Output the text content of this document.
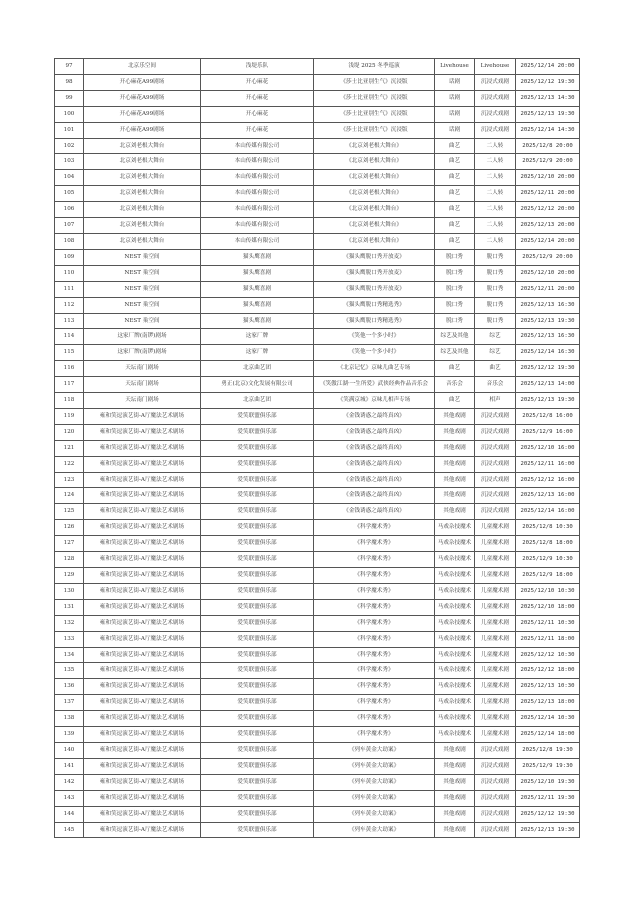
97	北京乐空间	浅堤乐队	浅堤 2025 冬季巡演	Livehouse	Livehouse	2025/12/14 20:00
98	开心麻花A99剧场	开心麻花	《莎士比亚别生气》沉浸版	话剧	沉浸式戏剧	2025/12/12 19:30
99	开心麻花A99剧场	开心麻花	《莎士比亚别生气》沉浸版	话剧	沉浸式戏剧	2025/12/13 14:30
100	开心麻花A99剧场	开心麻花	《莎士比亚别生气》沉浸版	话剧	沉浸式戏剧	2025/12/13 19:30
101	开心麻花A99剧场	开心麻花	《莎士比亚别生气》沉浸版	话剧	沉浸式戏剧	2025/12/14 14:30
102	北京刘老根大舞台	本山传媒有限公司	《北京刘老根大舞台》	曲艺	二人转	2025/12/8 20:00
103	北京刘老根大舞台	本山传媒有限公司	《北京刘老根大舞台》	曲艺	二人转	2025/12/9 20:00
104	北京刘老根大舞台	本山传媒有限公司	《北京刘老根大舞台》	曲艺	二人转	2025/12/10 20:00
105	北京刘老根大舞台	本山传媒有限公司	《北京刘老根大舞台》	曲艺	二人转	2025/12/11 20:00
106	北京刘老根大舞台	本山传媒有限公司	《北京刘老根大舞台》	曲艺	二人转	2025/12/12 20:00
107	北京刘老根大舞台	本山传媒有限公司	《北京刘老根大舞台》	曲艺	二人转	2025/12/13 20:00
108	北京刘老根大舞台	本山传媒有限公司	《北京刘老根大舞台》	曲艺	二人转	2025/12/14 20:00
109	NEST 巢空间	猫头鹰喜剧	《猫头鹰脱口秀开放麦》	脱口秀	脱口秀	2025/12/9 20:00
110	NEST 巢空间	猫头鹰喜剧	《猫头鹰脱口秀开放麦》	脱口秀	脱口秀	2025/12/10 20:00
111	NEST 巢空间	猫头鹰喜剧	《猫头鹰脱口秀开放麦》	脱口秀	脱口秀	2025/12/11 20:00
112	NEST 巢空间	猫头鹰喜剧	《猫头鹰脱口秀精选秀》	脱口秀	脱口秀	2025/12/13 16:30
113	NEST 巢空间	猫头鹰喜剧	《猫头鹰脱口秀精选秀》	脱口秀	脱口秀	2025/12/13 19:30
114	这家厂牌(南锣)剧场	这家厂牌	《笑他一个多小时》	综艺及其他	综艺	2025/12/13 16:30
115	这家厂牌(南锣)剧场	这家厂牌	《笑他一个多小时》	综艺及其他	综艺	2025/12/14 16:30
116	天坛南门剧场	北京曲艺团	《北京记忆》京味儿曲艺专场	曲艺	曲艺	2025/12/12 19:30
117	天坛南门剧场	勇正(北京)文化发展有限公司	《笑傲江湖·一生所爱》武侠经典作品音乐会	音乐会	音乐会	2025/12/13 14:00
118	天坛南门剧场	北京曲艺团	《笑满京城》京味儿相声专场	曲艺	相声	2025/12/13 19:30
119	雍和笑逗演艺街-A厅魔法艺术剧场	爱笑联盟俱乐部	《金钱诱惑之最终真凶》	其他戏剧	沉浸式戏剧	2025/12/8 16:00
120	雍和笑逗演艺街-A厅魔法艺术剧场	爱笑联盟俱乐部	《金钱诱惑之最终真凶》	其他戏剧	沉浸式戏剧	2025/12/9 16:00
121	雍和笑逗演艺街-A厅魔法艺术剧场	爱笑联盟俱乐部	《金钱诱惑之最终真凶》	其他戏剧	沉浸式戏剧	2025/12/10 16:00
122	雍和笑逗演艺街-A厅魔法艺术剧场	爱笑联盟俱乐部	《金钱诱惑之最终真凶》	其他戏剧	沉浸式戏剧	2025/12/11 16:00
123	雍和笑逗演艺街-A厅魔法艺术剧场	爱笑联盟俱乐部	《金钱诱惑之最终真凶》	其他戏剧	沉浸式戏剧	2025/12/12 16:00
124	雍和笑逗演艺街-A厅魔法艺术剧场	爱笑联盟俱乐部	《金钱诱惑之最终真凶》	其他戏剧	沉浸式戏剧	2025/12/13 16:00
125	雍和笑逗演艺街-A厅魔法艺术剧场	爱笑联盟俱乐部	《金钱诱惑之最终真凶》	其他戏剧	沉浸式戏剧	2025/12/14 16:00
126	雍和笑逗演艺街-A厅魔法艺术剧场	爱笑联盟俱乐部	《科学魔术秀》	马戏杂技魔术	儿童魔术剧	2025/12/8 10:30
127	雍和笑逗演艺街-A厅魔法艺术剧场	爱笑联盟俱乐部	《科学魔术秀》	马戏杂技魔术	儿童魔术剧	2025/12/8 18:00
128	雍和笑逗演艺街-A厅魔法艺术剧场	爱笑联盟俱乐部	《科学魔术秀》	马戏杂技魔术	儿童魔术剧	2025/12/9 10:30
129	雍和笑逗演艺街-A厅魔法艺术剧场	爱笑联盟俱乐部	《科学魔术秀》	马戏杂技魔术	儿童魔术剧	2025/12/9 18:00
130	雍和笑逗演艺街-A厅魔法艺术剧场	爱笑联盟俱乐部	《科学魔术秀》	马戏杂技魔术	儿童魔术剧	2025/12/10 10:30
131	雍和笑逗演艺街-A厅魔法艺术剧场	爱笑联盟俱乐部	《科学魔术秀》	马戏杂技魔术	儿童魔术剧	2025/12/10 18:00
132	雍和笑逗演艺街-A厅魔法艺术剧场	爱笑联盟俱乐部	《科学魔术秀》	马戏杂技魔术	儿童魔术剧	2025/12/11 10:30
133	雍和笑逗演艺街-A厅魔法艺术剧场	爱笑联盟俱乐部	《科学魔术秀》	马戏杂技魔术	儿童魔术剧	2025/12/11 18:00
134	雍和笑逗演艺街-A厅魔法艺术剧场	爱笑联盟俱乐部	《科学魔术秀》	马戏杂技魔术	儿童魔术剧	2025/12/12 10:30
135	雍和笑逗演艺街-A厅魔法艺术剧场	爱笑联盟俱乐部	《科学魔术秀》	马戏杂技魔术	儿童魔术剧	2025/12/12 18:00
136	雍和笑逗演艺街-A厅魔法艺术剧场	爱笑联盟俱乐部	《科学魔术秀》	马戏杂技魔术	儿童魔术剧	2025/12/13 10:30
137	雍和笑逗演艺街-A厅魔法艺术剧场	爱笑联盟俱乐部	《科学魔术秀》	马戏杂技魔术	儿童魔术剧	2025/12/13 18:00
138	雍和笑逗演艺街-A厅魔法艺术剧场	爱笑联盟俱乐部	《科学魔术秀》	马戏杂技魔术	儿童魔术剧	2025/12/14 10:30
139	雍和笑逗演艺街-A厅魔法艺术剧场	爱笑联盟俱乐部	《科学魔术秀》	马戏杂技魔术	儿童魔术剧	2025/12/14 18:00
140	雍和笑逗演艺街-A厅魔法艺术剧场	爱笑联盟俱乐部	《列车黄金大劫案》	其他戏剧	沉浸式戏剧	2025/12/8 19:30
141	雍和笑逗演艺街-A厅魔法艺术剧场	爱笑联盟俱乐部	《列车黄金大劫案》	其他戏剧	沉浸式戏剧	2025/12/9 19:30
142	雍和笑逗演艺街-A厅魔法艺术剧场	爱笑联盟俱乐部	《列车黄金大劫案》	其他戏剧	沉浸式戏剧	2025/12/10 19:30
143	雍和笑逗演艺街-A厅魔法艺术剧场	爱笑联盟俱乐部	《列车黄金大劫案》	其他戏剧	沉浸式戏剧	2025/12/11 19:30
144	雍和笑逗演艺街-A厅魔法艺术剧场	爱笑联盟俱乐部	《列车黄金大劫案》	其他戏剧	沉浸式戏剧	2025/12/12 19:30
145	雍和笑逗演艺街-A厅魔法艺术剧场	爱笑联盟俱乐部	《列车黄金大劫案》	其他戏剧	沉浸式戏剧	2025/12/13 19:30
